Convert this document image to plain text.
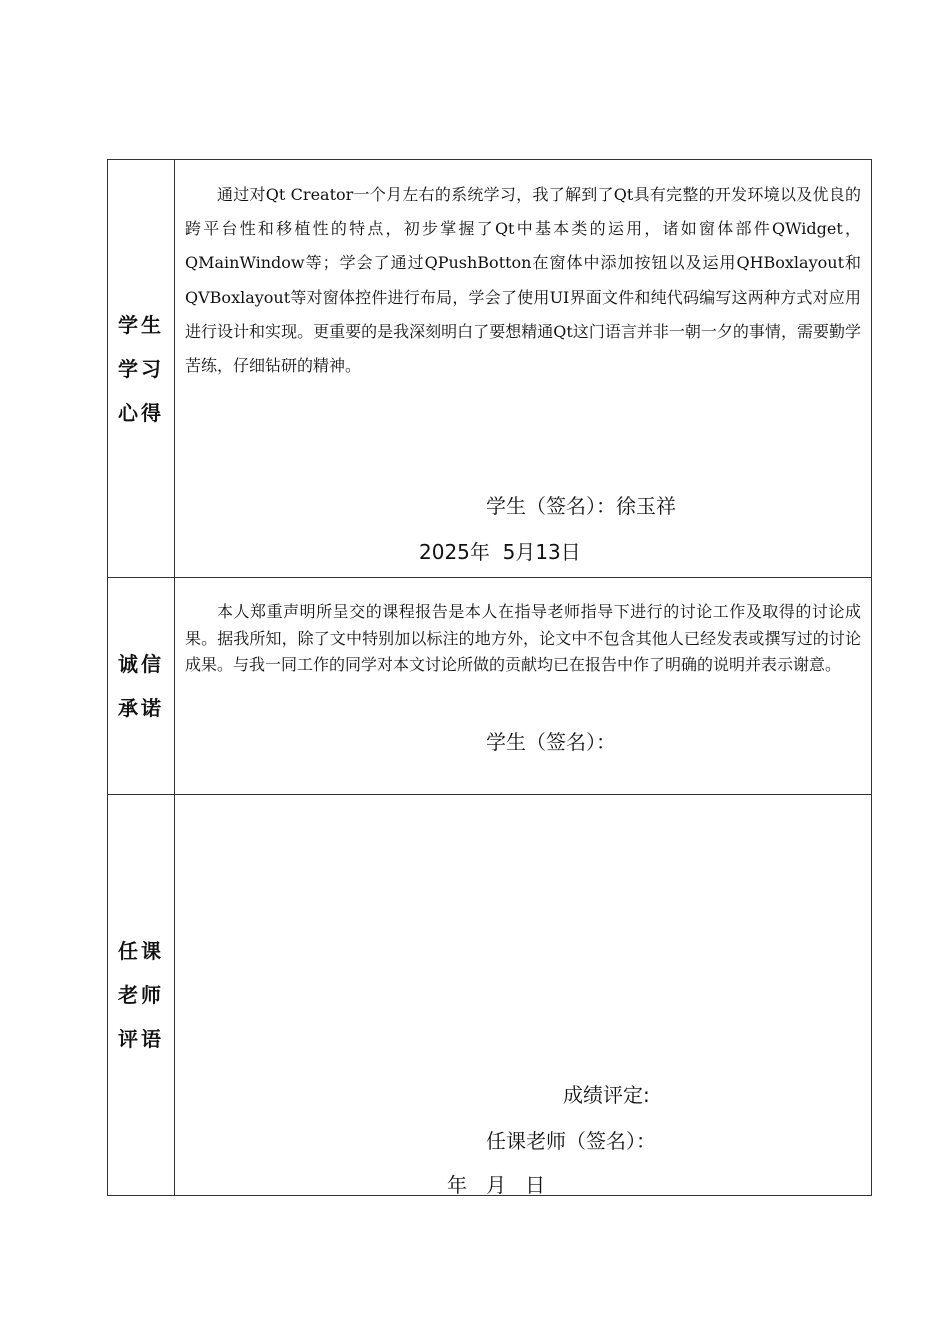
学生学习心得
通过对Qt Creator一个月左右的系统学习，我了解到了Qt具有完整的开发环境以及优良的跨平台性和移植性的特点，初步掌握了Qt中基本类的运用，诸如窗体部件QWidget，QMainWindow等；学会了通过QPushBotton在窗体中添加按钮以及运用QHBoxlayout和QVBoxlayout等对窗体控件进行布局，学会了使用UI界面文件和纯代码编写这两种方式对应用进行设计和实现。更重要的是我深刻明白了要想精通Qt这门语言并非一朝一夕的事情，需要勤学苦练，仔细钻研的精神。
学生（签名）：徐玉祥
2025年  5月13日
诚信承诺
本人郑重声明所呈交的课程报告是本人在指导老师指导下进行的讨论工作及取得的讨论成果。据我所知，除了文中特别加以标注的地方外，论文中不包含其他人已经发表或撰写过的讨论成果。与我一同工作的同学对本文讨论所做的贡献均已在报告中作了明确的说明并表示谢意。
学生（签名）：
任课老师评语
成绩评定:
任课老师（签名）：
年   月   日
